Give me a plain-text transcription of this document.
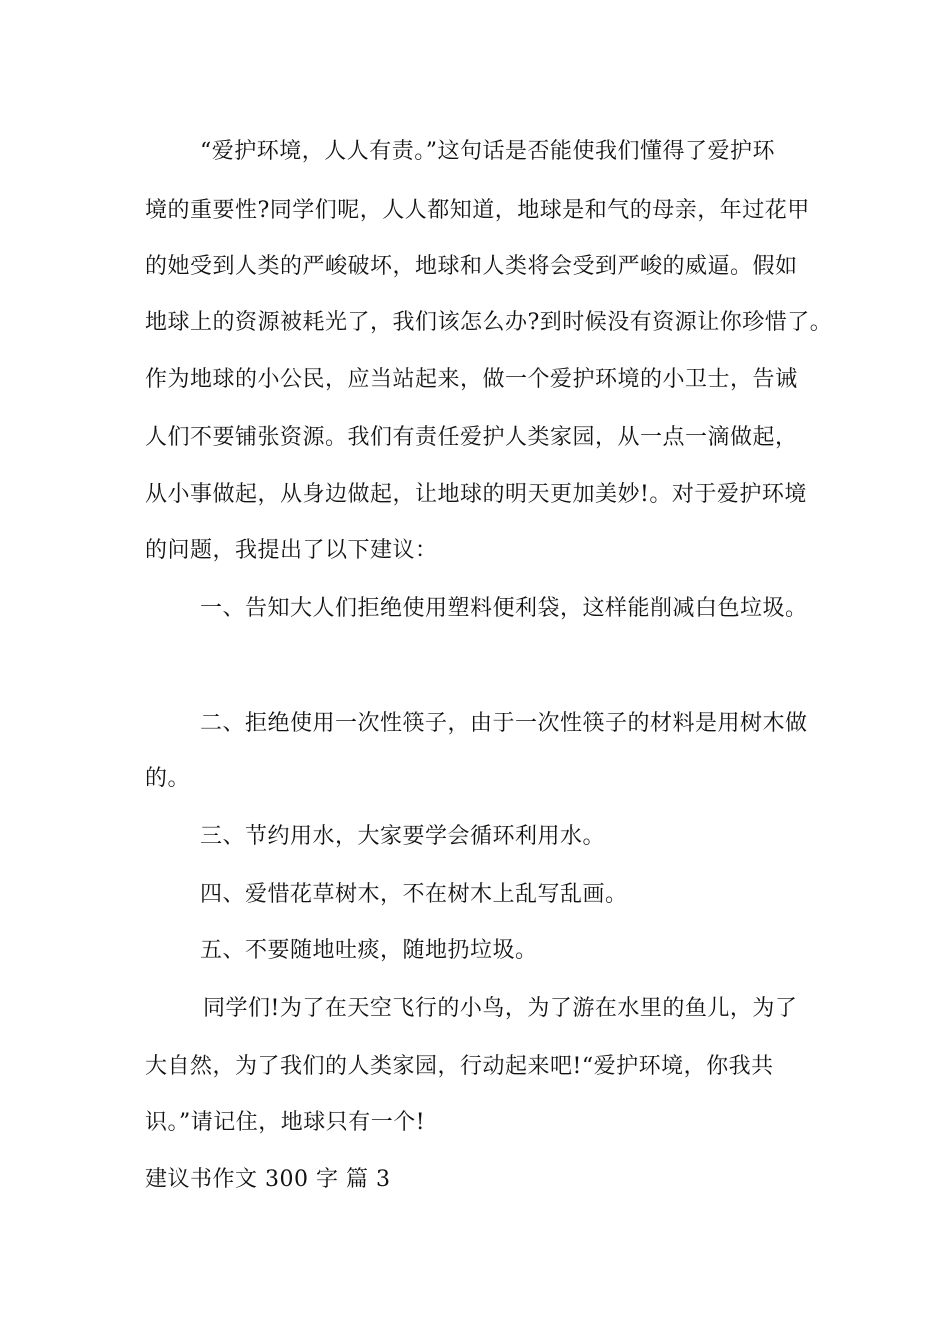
“爱护环境，人人有责。”这句话是否能使我们懂得了爱护环
境的重要性?同学们呢，人人都知道，地球是和气的母亲，年过花甲
的她受到人类的严峻破坏，地球和人类将会受到严峻的威逼。假如
地球上的资源被耗光了，我们该怎么办?到时候没有资源让你珍惜了。
作为地球的小公民，应当站起来，做一个爱护环境的小卫士，告诫
人们不要铺张资源。我们有责任爱护人类家园，从一点一滴做起，
从小事做起，从身边做起，让地球的明天更加美妙!。对于爱护环境
的问题，我提出了以下建议：
一、告知大人们拒绝使用塑料便利袋，这样能削减白色垃圾。
二、拒绝使用一次性筷子，由于一次性筷子的材料是用树木做
的。
三、节约用水，大家要学会循环利用水。
四、爱惜花草树木，不在树木上乱写乱画。
五、不要随地吐痰，随地扔垃圾。
同学们!为了在天空飞行的小鸟，为了游在水里的鱼儿，为了
大自然，为了我们的人类家园，行动起来吧!“爱护环境，你我共
识。”请记住，地球只有一个!
建议书作文 300 字 篇 3
